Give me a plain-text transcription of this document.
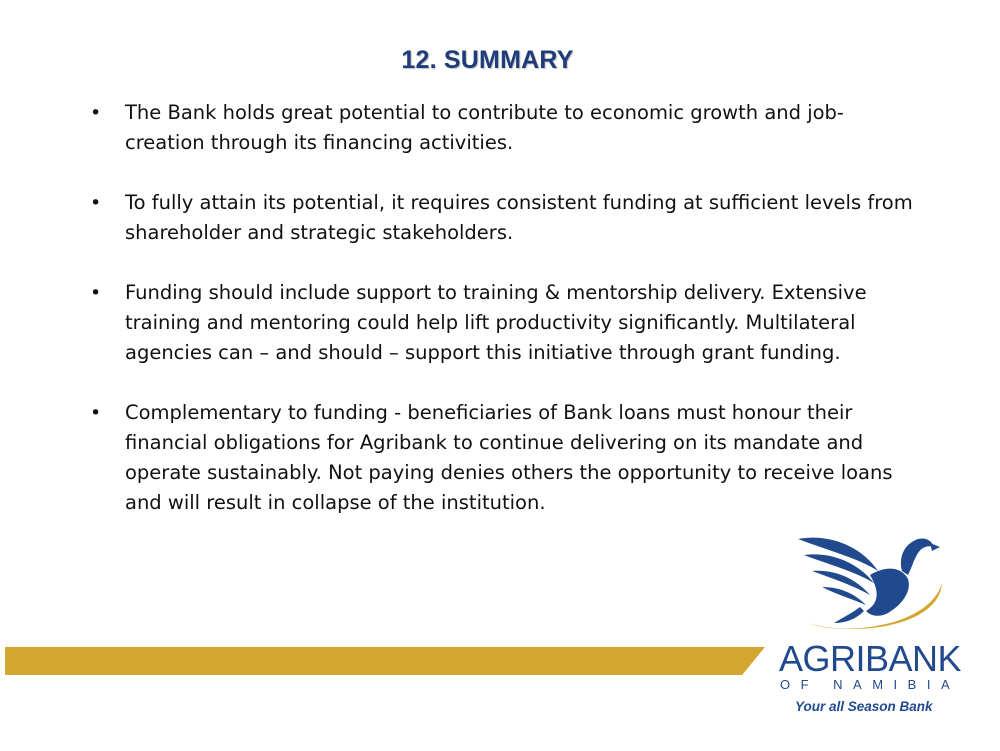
12. SUMMARY
•	The Bank holds great potential to contribute to economic growth and job-creation through its financing activities.
•	To fully attain its potential, it requires consistent funding at sufficient levels from shareholder and strategic stakeholders.
•	Funding should include support to training & mentorship delivery. Extensive training and mentoring could help lift productivity significantly. Multilateral agencies can – and should – support this initiative through grant funding.
•	Complementary to funding - beneficiaries of Bank loans must honour their financial obligations for Agribank to continue delivering on its mandate and operate sustainably. Not paying denies others the opportunity to receive loans and will result in collapse of the institution.
AGRIBANK
OF NAMIBIA
Your all Season Bank
